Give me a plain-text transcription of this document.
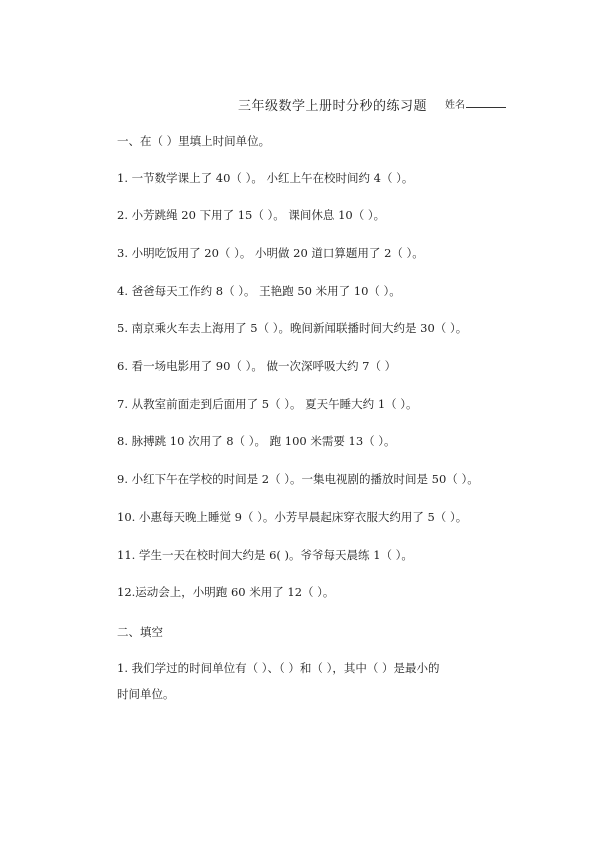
三年级数学上册时分秒的练习题 姓名
一、在（ ）里填上时间单位。
1. 一节数学课上了 40（ ）。 小红上午在校时间约 4（ ）。
2. 小芳跳绳 20 下用了 15（ ）。 课间休息 10（ ）。
3. 小明吃饭用了 20（ ）。 小明做 20 道口算题用了 2（ ）。
4. 爸爸每天工作约 8（ ）。 王艳跑 50 米用了 10（ ）。
5. 南京乘火车去上海用了 5（ ）。晚间新闻联播时间大约是 30（ ）。
6. 看一场电影用了 90（ ）。 做一次深呼吸大约 7（ ）
7. 从教室前面走到后面用了 5（ ）。 夏天午睡大约 1（ ）。
8. 脉搏跳 10 次用了 8（ ）。 跑 100 米需要 13（ ）。
9. 小红下午在学校的时间是 2（ ）。一集电视剧的播放时间是 50（ ）。
10. 小惠每天晚上睡觉 9（ ）。小芳早晨起床穿衣服大约用了 5（ ）。
11. 学生一天在校时间大约是 6( )。爷爷每天晨练 1（ ）。
12.运动会上，小明跑 60 米用了 12（ ）。
二、填空
1. 我们学过的时间单位有（ ）、（ ）和（ ），其中（ ）是最小的
时间单位。
